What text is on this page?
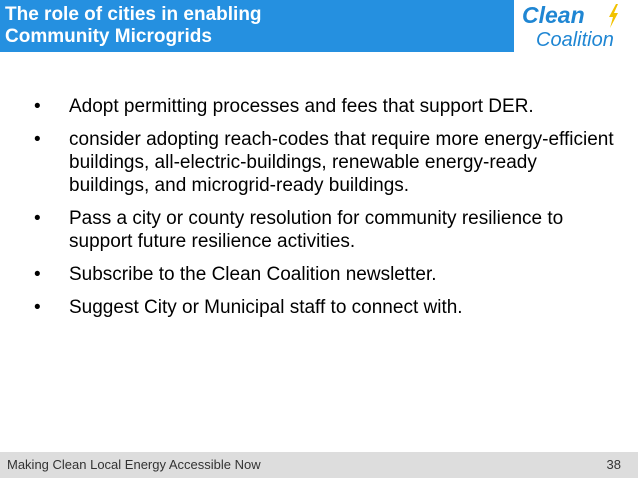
The role of cities in enabling
Community Microgrids
Clean
Coalition
• Adopt permitting processes and fees that support DER.
• consider adopting reach-codes that require more energy-efficient buildings, all-electric-buildings, renewable energy-ready buildings, and microgrid-ready buildings.
• Pass a city or county resolution for community resilience to support future resilience activities.
• Subscribe to the Clean Coalition newsletter.
• Suggest City or Municipal staff to connect with.
Making Clean Local Energy Accessible Now	38
